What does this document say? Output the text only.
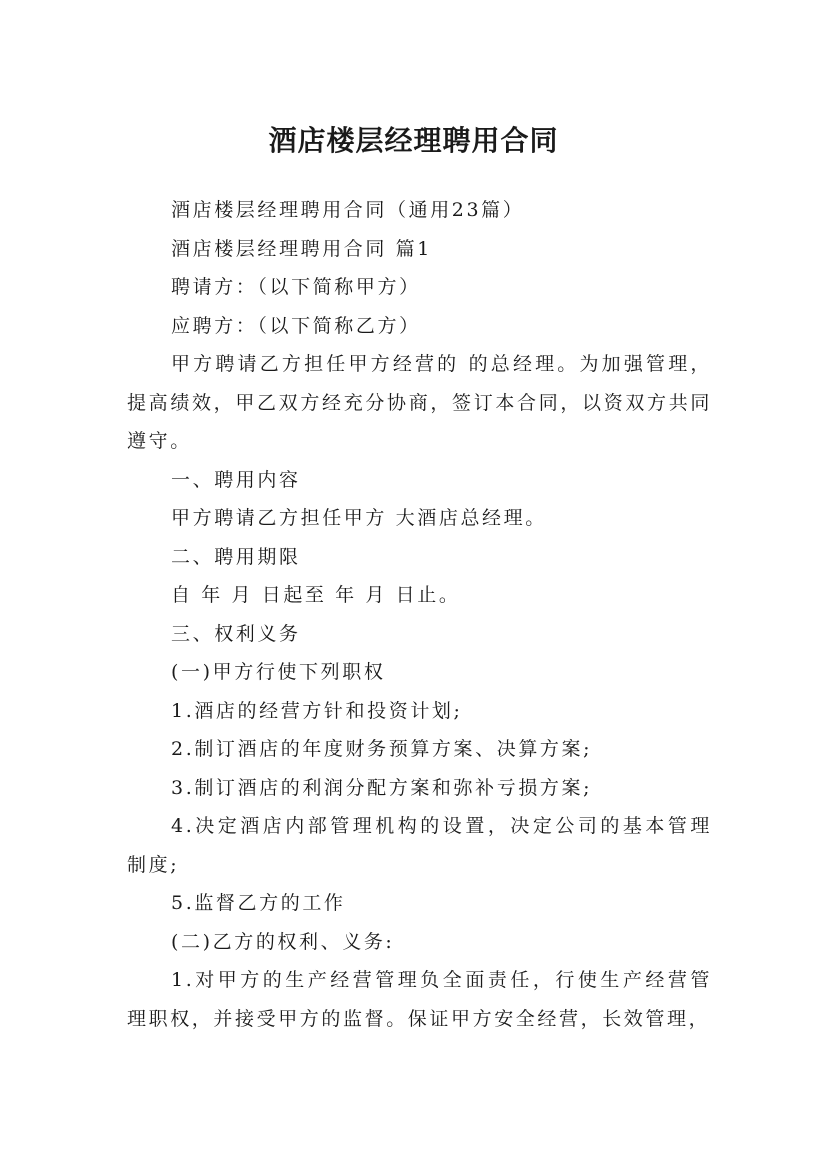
酒店楼层经理聘用合同

酒店楼层经理聘用合同（通用23篇）

酒店楼层经理聘用合同 篇1

聘请方：（以下简称甲方）

应聘方：（以下简称乙方）

甲方聘请乙方担任甲方经营的 的总经理。为加强管理，提高绩效，甲乙双方经充分协商，签订本合同，以资双方共同遵守。

一、聘用内容

甲方聘请乙方担任甲方 大酒店总经理。

二、聘用期限

自 年 月 日起至 年 月 日止。

三、权利义务

(一)甲方行使下列职权

1.酒店的经营方针和投资计划;

2.制订酒店的年度财务预算方案、决算方案;

3.制订酒店的利润分配方案和弥补亏损方案;

4.决定酒店内部管理机构的设置，决定公司的基本管理制度;

5.监督乙方的工作

(二)乙方的权利、义务:

1.对甲方的生产经营管理负全面责任，行使生产经营管理职权，并接受甲方的监督。保证甲方安全经营，长效管理，
